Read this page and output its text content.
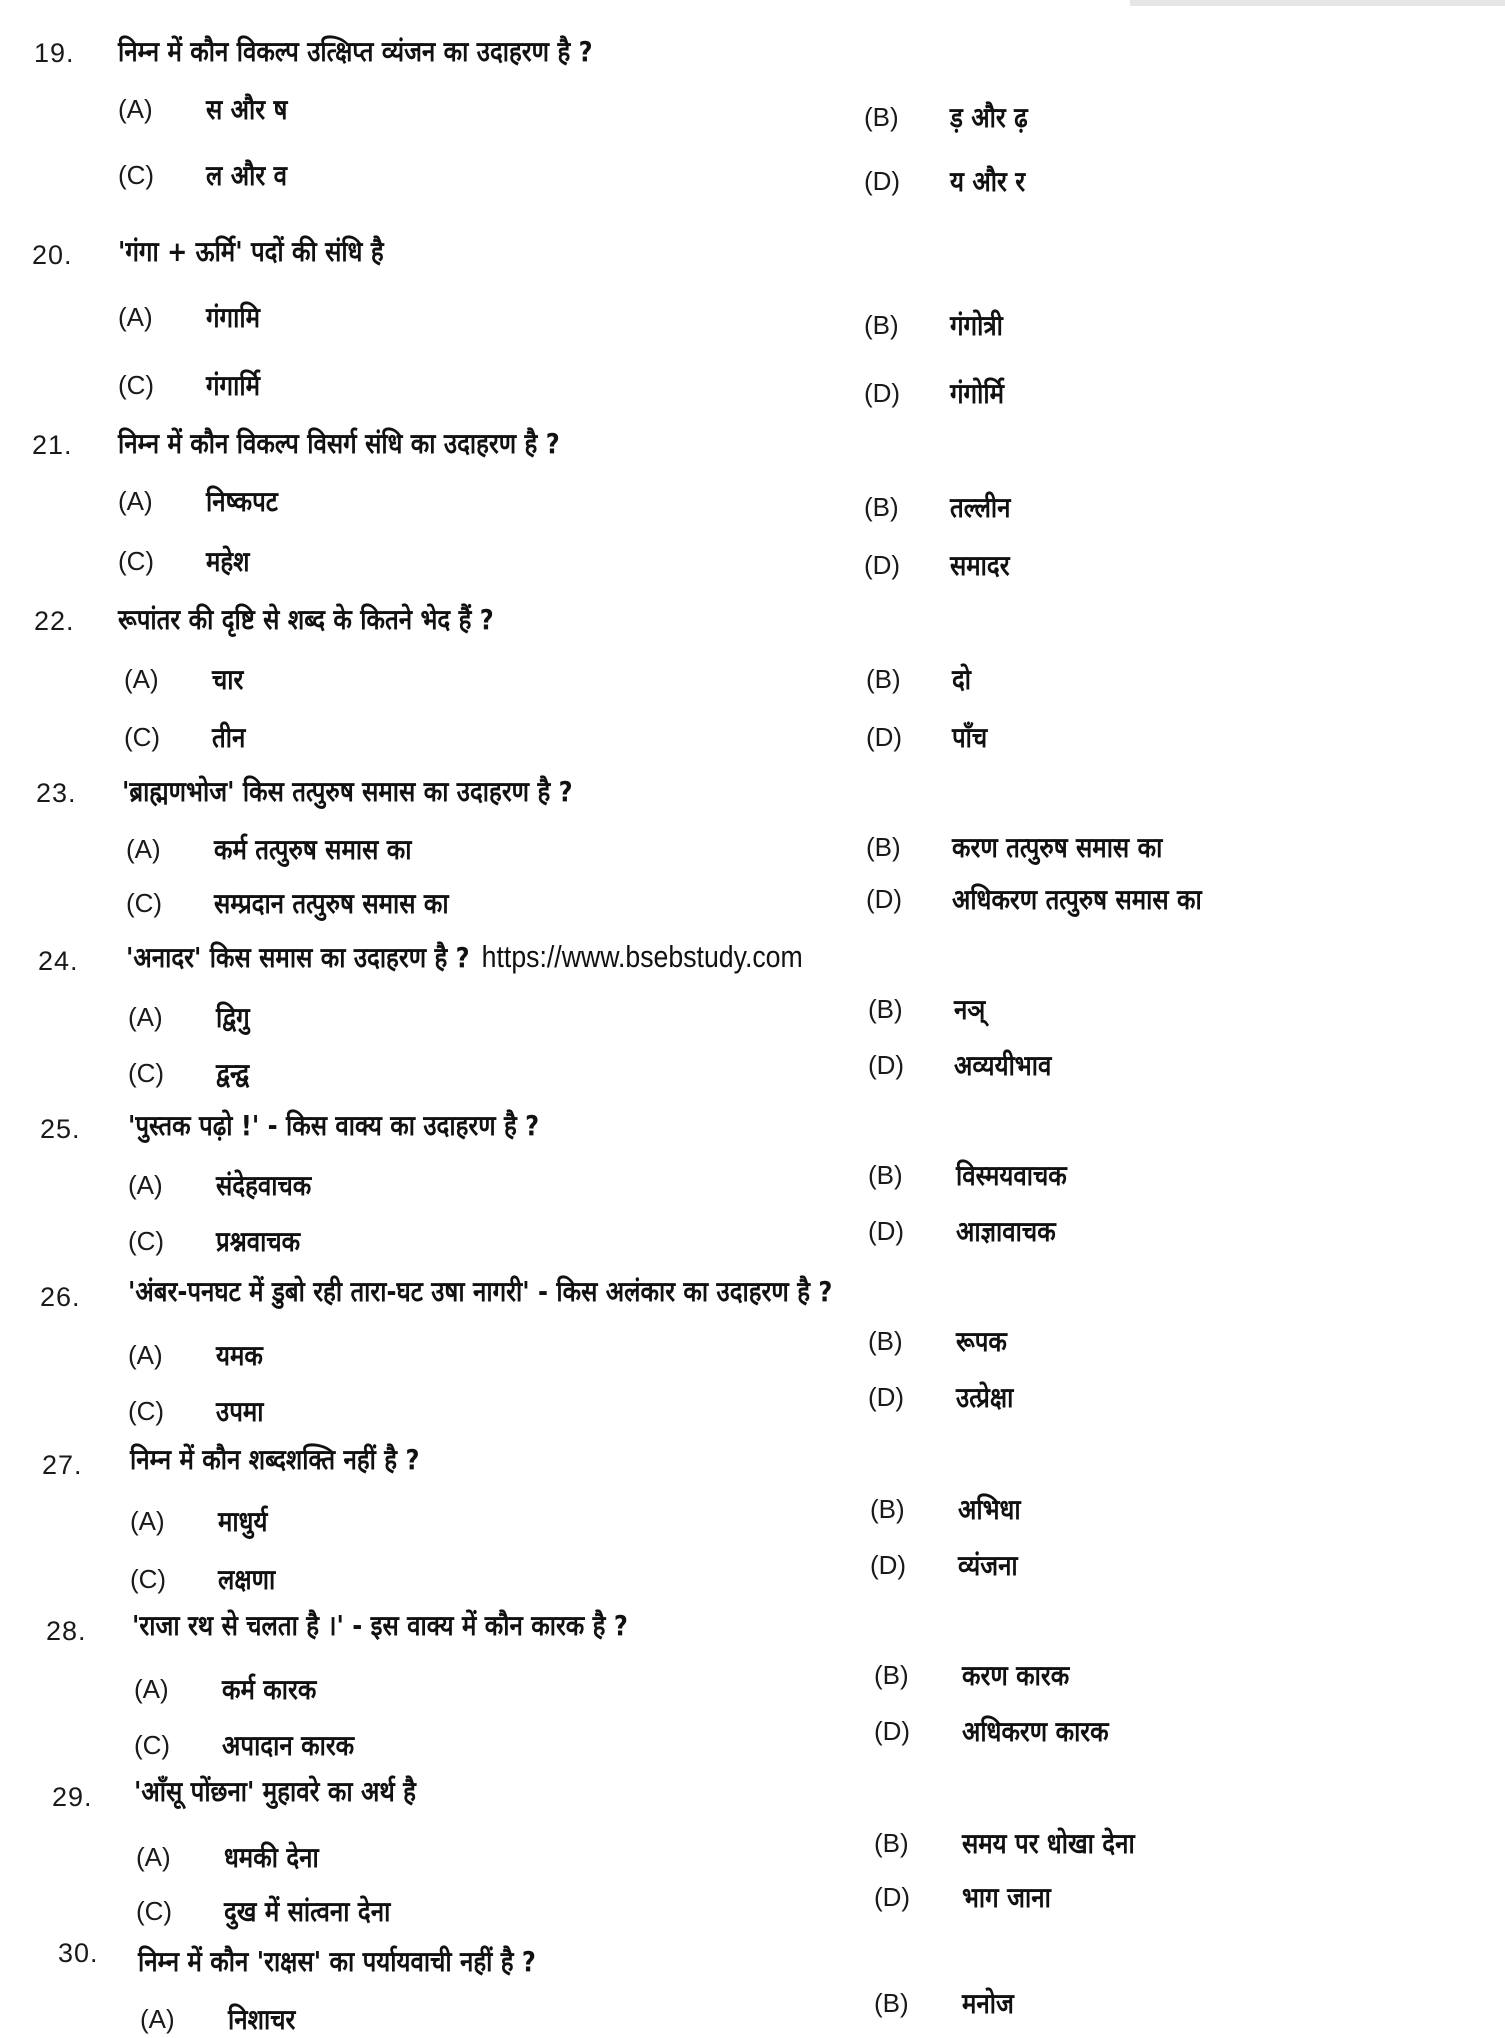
19. निम्न में कौन विकल्प उत्क्षिप्त व्यंजन का उदाहरण है ?
(A) स और ष	(B) ड़ और ढ़
(C) ल और व	(D) य और र
20. 'गंगा + ऊर्मि' पदों की संधि है
(A) गंगामि	(B) गंगोत्री
(C) गंगार्मि	(D) गंगोर्मि
21. निम्न में कौन विकल्प विसर्ग संधि का उदाहरण है ?
(A) निष्कपट	(B) तल्लीन
(C) महेश	(D) समादर
22. रूपांतर की दृष्टि से शब्द के कितने भेद हैं ?
(A) चार	(B) दो
(C) तीन	(D) पाँच
23. 'ब्राह्मणभोज' किस तत्पुरुष समास का उदाहरण है ?
(A) कर्म तत्पुरुष समास का	(B) करण तत्पुरुष समास का
(C) सम्प्रदान तत्पुरुष समास का	(D) अधिकरण तत्पुरुष समास का
24. 'अनादर' किस समास का उदाहरण है ? https://www.bsebstudy.com
(A) द्विगु	(B) नञ्
(C) द्वन्द्व	(D) अव्ययीभाव
25. 'पुस्तक पढ़ो !' - किस वाक्य का उदाहरण है ?
(A) संदेहवाचक	(B) विस्मयवाचक
(C) प्रश्नवाचक	(D) आज्ञावाचक
26. 'अंबर-पनघट में डुबो रही तारा-घट उषा नागरी' - किस अलंकार का उदाहरण है ?
(A) यमक	(B) रूपक
(C) उपमा	(D) उत्प्रेक्षा
27. निम्न में कौन शब्दशक्ति नहीं है ?
(A) माधुर्य	(B) अभिधा
(C) लक्षणा	(D) व्यंजना
28. 'राजा रथ से चलता है ।' - इस वाक्य में कौन कारक है ?
(A) कर्म कारक	(B) करण कारक
(C) अपादान कारक	(D) अधिकरण कारक
29. 'आँसू पोंछना' मुहावरे का अर्थ है
(A) धमकी देना	(B) समय पर धोखा देना
(C) दुख में सांत्वना देना	(D) भाग जाना
30. निम्न में कौन 'राक्षस' का पर्यायवाची नहीं है ?
(A) निशाचर	(B) मनोज
